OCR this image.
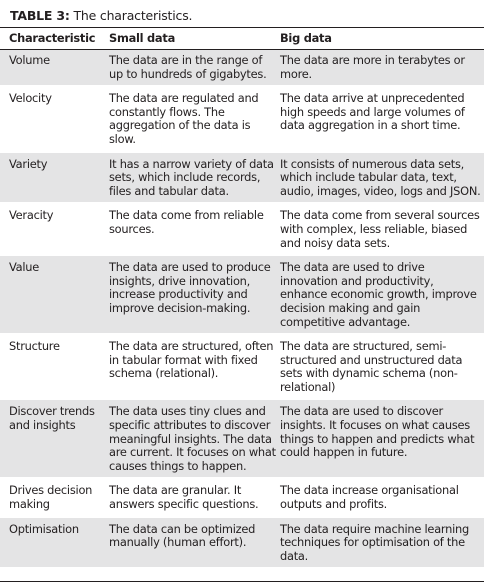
TABLE 3: The characteristics.
Characteristic	Small data	Big data
Volume	The data are in the range of up to hundreds of gigabytes.	The data are more in terabytes or more.
Velocity	The data are regulated and constantly flows. The aggregation of the data is slow.	The data arrive at unprecedented high speeds and large volumes of data aggregation in a short time.
Variety	It has a narrow variety of data sets, which include records, files and tabular data.	It consists of numerous data sets, which include tabular data, text, audio, images, video, logs and JSON.
Veracity	The data come from reliable sources.	The data come from several sources with complex, less reliable, biased and noisy data sets.
Value	The data are used to produce insights, drive innovation, increase productivity and improve decision-making.	The data are used to drive innovation and productivity, enhance economic growth, improve decision making and gain competitive advantage.
Structure	The data are structured, often in tabular format with fixed schema (relational).	The data are structured, semi-structured and unstructured data sets with dynamic schema (non-relational)
Discover trends and insights	The data uses tiny clues and specific attributes to discover meaningful insights. The data are current. It focuses on what causes things to happen.	The data are used to discover insights. It focuses on what causes things to happen and predicts what could happen in future.
Drives decision making	The data are granular. It answers specific questions.	The data increase organisational outputs and profits.
Optimisation	The data can be optimized manually (human effort).	The data require machine learning techniques for optimisation of the data.
